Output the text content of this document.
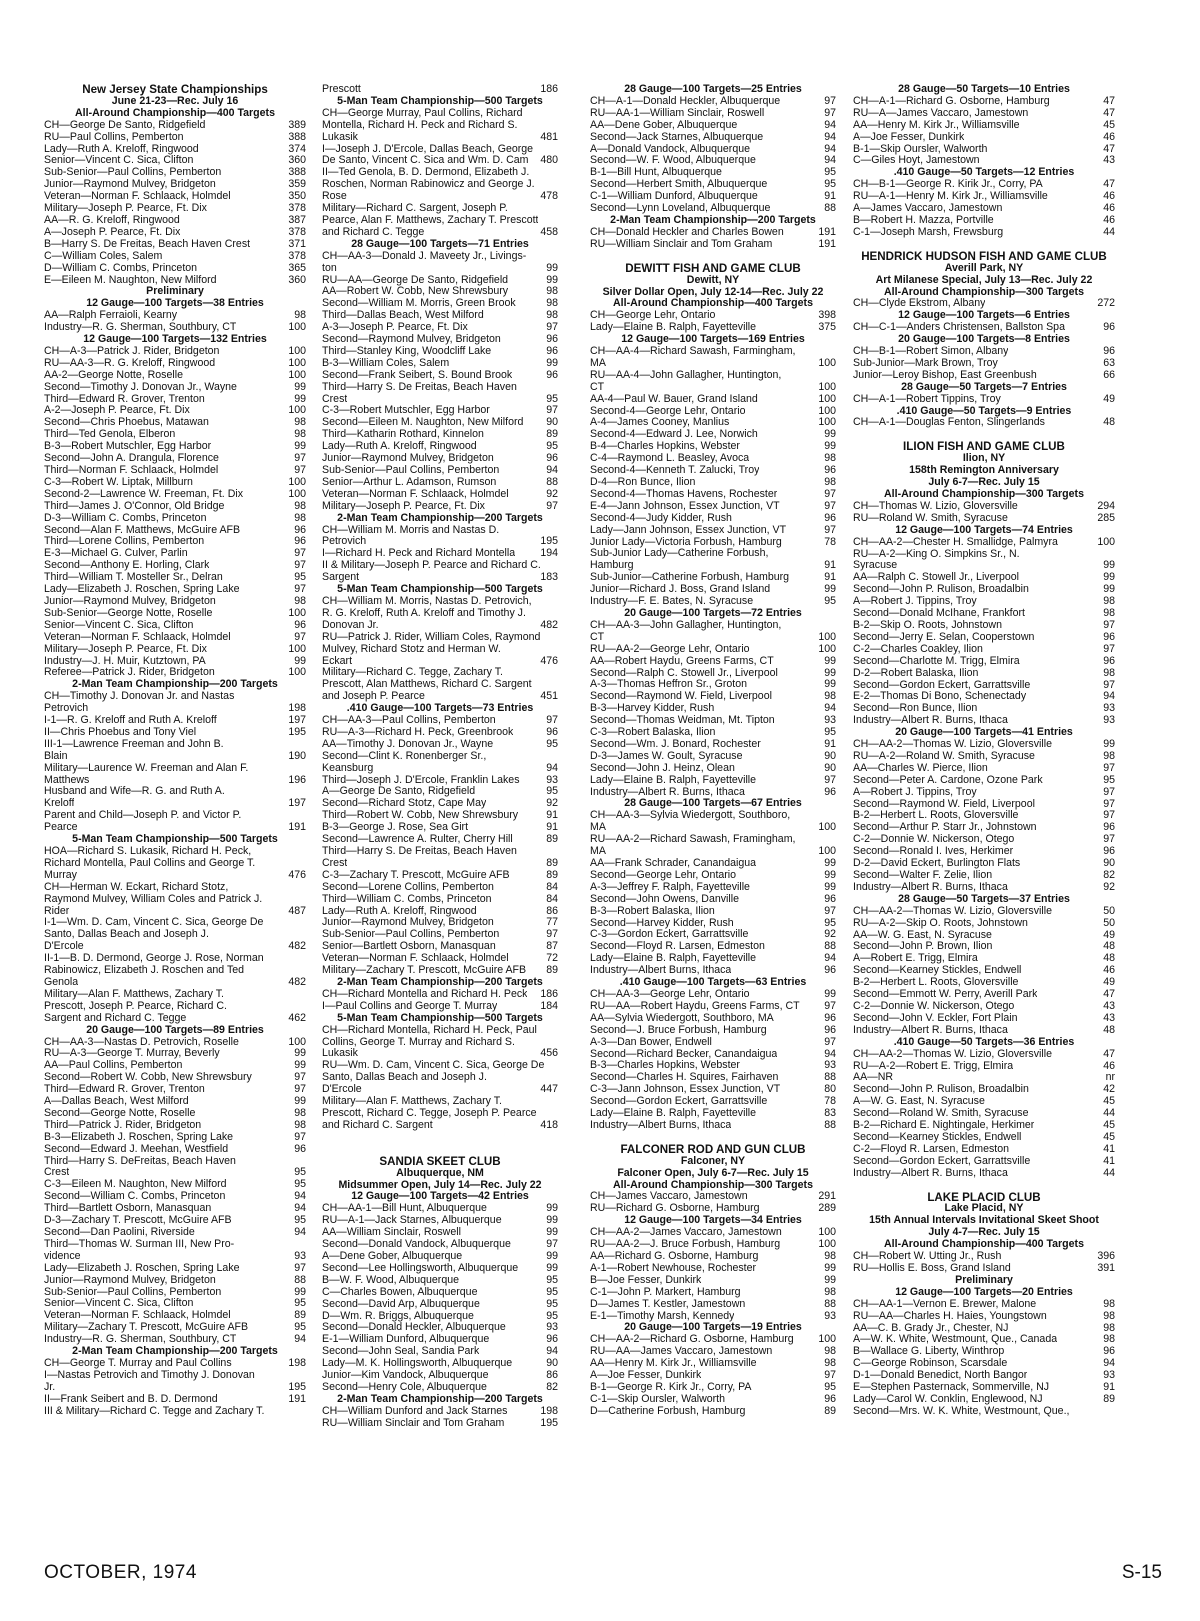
New Jersey State Championships
June 21-23—Rec. July 16
All-Around Championship—400 Targets
CH—George De Santo, Ridgefield	389
RU—Paul Collins, Pemberton	388
Lady—Ruth A. Kreloff, Ringwood	374
Senior—Vincent C. Sica, Clifton	360
Sub-Senior—Paul Collins, Pemberton	388
Junior—Raymond Mulvey, Bridgeton	359
Veteran—Norman F. Schlaack, Holmdel	350
Military—Joseph P. Pearce, Ft. Dix	378
AA—R. G. Kreloff, Ringwood	387
A—Joseph P. Pearce, Ft. Dix	378
B—Harry S. De Freitas, Beach Haven Crest	371
C—William Coles, Salem	378
D—William C. Combs, Princeton	365
E—Eileen M. Naughton, New Milford	360
Preliminary
12 Gauge—100 Targets—38 Entries
AA—Ralph Ferraioli, Kearny	98
Industry—R. G. Sherman, Southbury, CT	100
12 Gauge—100 Targets—132 Entries
CH—A-3—Patrick J. Rider, Bridgeton	100
RU—AA-3—R. G. Kreloff, Ringwood	100
AA-2—George Notte, Roselle	100
Second—Timothy J. Donovan Jr., Wayne	99
Third—Edward R. Grover, Trenton	99
A-2—Joseph P. Pearce, Ft. Dix	100
Second—Chris Phoebus, Matawan	98
Third—Ted Genola, Elberon	98
B-3—Robert Mutschler, Egg Harbor	99
Second—John A. Drangula, Florence	97
Third—Norman F. Schlaack, Holmdel	97
C-3—Robert W. Liptak, Millburn	100
Second-2—Lawrence W. Freeman, Ft. Dix	100
Third—James J. O'Connor, Old Bridge	98
D-3—William C. Combs, Princeton	98
Second—Alan F. Matthews, McGuire AFB	96
Third—Lorene Collins, Pemberton	96
E-3—Michael G. Culver, Parlin	97
Second—Anthony E. Horling, Clark	97
Third—William T. Mosteller Sr., Delran	95
Lady—Elizabeth J. Roschen, Spring Lake	97
Junior—Raymond Mulvey, Bridgeton	98
Sub-Senior—George Notte, Roselle	100
Senior—Vincent C. Sica, Clifton	96
Veteran—Norman F. Schlaack, Holmdel	97
Military—Joseph P. Pearce, Ft. Dix	100
Industry—J. H. Muir, Kutztown, PA	99
Referee—Patrick J. Rider, Bridgeton	100
2-Man Team Championship—200 Targets
CH—Timothy J. Donovan Jr. and Nastas
Petrovich	198
I-1—R. G. Kreloff and Ruth A. Kreloff	197
II—Chris Phoebus and Tony Viel	195
III-1—Lawrence Freeman and John B.
Blain	190
Military—Laurence W. Freeman and Alan F.
Matthews	196
Husband and Wife—R. G. and Ruth A.
Kreloff	197
Parent and Child—Joseph P. and Victor P.
Pearce	191
5-Man Team Championship—500 Targets
HOA—Richard S. Lukasik, Richard H. Peck,
Richard Montella, Paul Collins and George T.
Murray	476
CH—Herman W. Eckart, Richard Stotz,
Raymond Mulvey, William Coles and Patrick J.
Rider	487
I-1—Wm. D. Cam, Vincent C. Sica, George De
Santo, Dallas Beach and Joseph J.
D'Ercole	482
II-1—B. D. Dermond, George J. Rose, Norman
Rabinowicz, Elizabeth J. Roschen and Ted
Genola	482
Military—Alan F. Matthews, Zachary T.
Prescott, Joseph P. Pearce, Richard C.
Sargent and Richard C. Tegge	462
20 Gauge—100 Targets—89 Entries
CH—AA-3—Nastas D. Petrovich, Roselle	100
RU—A-3—George T. Murray, Beverly	99
AA—Paul Collins, Pemberton	99
Second—Robert W. Cobb, New Shrewsbury	97
Third—Edward R. Grover, Trenton	97
A—Dallas Beach, West Milford	99
Second—George Notte, Roselle	98
Third—Patrick J. Rider, Bridgeton	98
B-3—Elizabeth J. Roschen, Spring Lake	97
Second—Edward J. Meehan, Westfield	96
Third—Harry S. DeFreitas, Beach Haven
Crest	95
C-3—Eileen M. Naughton, New Milford	95
Second—William C. Combs, Princeton	94
Third—Bartlett Osborn, Manasquan	94
D-3—Zachary T. Prescott, McGuire AFB	95
Second—Dan Paolini, Riverside	94
Third—Thomas W. Surman III, New Pro-
vidence	93
Lady—Elizabeth J. Roschen, Spring Lake	97
Junior—Raymond Mulvey, Bridgeton	88
Sub-Senior—Paul Collins, Pemberton	99
Senior—Vincent C. Sica, Clifton	95
Veteran—Norman F. Schlaack, Holmdel	89
Military—Zachary T. Prescott, McGuire AFB	95
Industry—R. G. Sherman, Southbury, CT	94
2-Man Team Championship—200 Targets
CH—George T. Murray and Paul Collins	198
I—Nastas Petrovich and Timothy J. Donovan
Jr.	195
II—Frank Seibert and B. D. Dermond	191
III & Military—Richard C. Tegge and Zachary T.
Prescott	186
5-Man Team Championship—500 Targets
CH—George Murray, Paul Collins, Richard
Montella, Richard H. Peck and Richard S.
Lukasik	481
I—Joseph J. D'Ercole, Dallas Beach, George
De Santo, Vincent C. Sica and Wm. D. Cam	480
II—Ted Genola, B. D. Dermond, Elizabeth J.
Roschen, Norman Rabinowicz and George J.
Rose	478
Military—Richard C. Sargent, Joseph P.
Pearce, Alan F. Matthews, Zachary T. Prescott
and Richard C. Tegge	458
28 Gauge—100 Targets—71 Entries
CH—AA-3—Donald J. Maveety Jr., Livings-
ton	99
RU—AA—George De Santo, Ridgefield	99
AA—Robert W. Cobb, New Shrewsbury	98
Second—William M. Morris, Green Brook	98
Third—Dallas Beach, West Milford	98
A-3—Joseph P. Pearce, Ft. Dix	97
Second—Raymond Mulvey, Bridgeton	96
Third—Stanley King, Woodcliff Lake	96
B-3—William Coles, Salem	99
Second—Frank Seibert, S. Bound Brook	96
Third—Harry S. De Freitas, Beach Haven
Crest	95
C-3—Robert Mutschler, Egg Harbor	97
Second—Eileen M. Naughton, New Milford	90
Third—Katharin Rothard, Kinnelon	89
Lady—Ruth A. Kreloff, Ringwood	95
Junior—Raymond Mulvey, Bridgeton	96
Sub-Senior—Paul Collins, Pemberton	94
Senior—Arthur L. Adamson, Rumson	88
Veteran—Norman F. Schlaack, Holmdel	92
Military—Joseph P. Pearce, Ft. Dix	97
2-Man Team Championship—200 Targets
CH—William M. Morris and Nastas D.
Petrovich	195
I—Richard H. Peck and Richard Montella	194
II & Military—Joseph P. Pearce and Richard C.
Sargent	183
5-Man Team Championship—500 Targets
CH—William M. Morris, Nastas D. Petrovich,
R. G. Kreloff, Ruth A. Kreloff and Timothy J.
Donovan Jr.	482
RU—Patrick J. Rider, William Coles, Raymond
Mulvey, Richard Stotz and Herman W.
Eckart	476
Military—Richard C. Tegge, Zachary T.
Prescott, Alan Matthews, Richard C. Sargent
and Joseph P. Pearce	451
.410 Gauge—100 Targets—73 Entries
CH—AA-3—Paul Collins, Pemberton	97
RU—A-3—Richard H. Peck, Greenbrook	96
AA—Timothy J. Donovan Jr., Wayne	95
Second—Clint K. Ronenberger Sr.,
Keansburg	94
Third—Joseph J. D'Ercole, Franklin Lakes	93
A—George De Santo, Ridgefield	95
Second—Richard Stotz, Cape May	92
Third—Robert W. Cobb, New Shrewsbury	91
B-3—George J. Rose, Sea Girt	91
Second—Lawrence A. Rulter, Cherry Hill	89
Third—Harry S. De Freitas, Beach Haven
Crest	89
C-3—Zachary T. Prescott, McGuire AFB	89
Second—Lorene Collins, Pemberton	84
Third—William C. Combs, Princeton	84
Lady—Ruth A. Kreloff, Ringwood	86
Junior—Raymond Mulvey, Bridgeton	77
Sub-Senior—Paul Collins, Pemberton	97
Senior—Bartlett Osborn, Manasquan	87
Veteran—Norman F. Schlaack, Holmdel	72
Military—Zachary T. Prescott, McGuire AFB	89
2-Man Team Championship—200 Targets
CH—Richard Montella and Richard H. Peck	186
I—Paul Collins and George T. Murray	184
5-Man Team Championship—500 Targets
CH—Richard Montella, Richard H. Peck, Paul
Collins, George T. Murray and Richard S.
Lukasik	456
RU—Wm. D. Cam, Vincent C. Sica, George De
Santo, Dallas Beach and Joseph J.
D'Ercole	447
Military—Alan F. Matthews, Zachary T.
Prescott, Richard C. Tegge, Joseph P. Pearce
and Richard C. Sargent	418
SANDIA SKEET CLUB
Albuquerque, NM
Midsummer Open, July 14—Rec. July 22
12 Gauge—100 Targets—42 Entries
CH—AA-1—Bill Hunt, Albuquerque	99
RU—A-1—Jack Starnes, Albuquerque	99
AA—William Sinclair, Roswell	99
Second—Donald Vandock, Albuquerque	97
A—Dene Gober, Albuquerque	99
Second—Lee Hollingsworth, Albuquerque	99
B—W. F. Wood, Albuquerque	95
C—Charles Bowen, Albuquerque	95
Second—David Arp, Albuquerque	95
D—Wm. R. Briggs, Albuquerque	95
Second—Donald Heckler, Albuquerque	93
E-1—William Dunford, Albuquerque	96
Second—John Seal, Sandia Park	94
Lady—M. K. Hollingsworth, Albuquerque	90
Junior—Kim Vandock, Albuquerque	86
Second—Henry Cole, Albuquerque	82
2-Man Team Championship—200 Targets
CH—William Dunford and Jack Starnes	198
RU—William Sinclair and Tom Graham	195
28 Gauge—100 Targets—25 Entries
CH—A-1—Donald Heckler, Albuquerque	97
RU—AA-1—William Sinclair, Roswell	97
AA—Dene Gober, Albuquerque	94
Second—Jack Starnes, Albuquerque	94
A—Donald Vandock, Albuquerque	94
Second—W. F. Wood, Albuquerque	94
B-1—Bill Hunt, Albuquerque	95
Second—Herbert Smith, Albuquerque	95
C-1—William Dunford, Albuquerque	91
Second—Lynn Loveland, Albuquerque	88
2-Man Team Championship—200 Targets
CH—Donald Heckler and Charles Bowen	191
RU—William Sinclair and Tom Graham	191
DEWITT FISH AND GAME CLUB
Dewitt, NY
Silver Dollar Open, July 12-14—Rec. July 22
All-Around Championship—400 Targets
CH—George Lehr, Ontario	398
Lady—Elaine B. Ralph, Fayetteville	375
12 Gauge—100 Targets—169 Entries
CH—AA-4—Richard Sawash, Farmingham,
MA	100
RU—AA-4—John Gallagher, Huntington,
CT	100
AA-4—Paul W. Bauer, Grand Island	100
Second-4—George Lehr, Ontario	100
A-4—James Cooney, Manlius	100
Second-4—Edward J. Lee, Norwich	99
B-4—Charles Hopkins, Webster	99
C-4—Raymond L. Beasley, Avoca	98
Second-4—Kenneth T. Zalucki, Troy	96
D-4—Ron Bunce, Ilion	98
Second-4—Thomas Havens, Rochester	97
E-4—Jann Johnson, Essex Junction, VT	97
Second-4—Judy Kidder, Rush	96
Lady—Jann Johnson, Essex Junction, VT	97
Junior Lady—Victoria Forbush, Hamburg	78
Sub-Junior Lady—Catherine Forbush,
Hamburg	91
Sub-Junior—Catherine Forbush, Hamburg	91
Junior—Richard J. Boss, Grand Island	99
Industry—F. E. Bates, N. Syracuse	95
20 Gauge—100 Targets—72 Entries
CH—AA-3—John Gallagher, Huntington,
CT	100
RU—AA-2—George Lehr, Ontario	100
AA—Robert Haydu, Greens Farms, CT	99
Second—Ralph C. Stowell Jr., Liverpool	99
A-3—Thomas Heffron Sr., Groton	99
Second—Raymond W. Field, Liverpool	98
B-3—Harvey Kidder, Rush	94
Second—Thomas Weidman, Mt. Tipton	93
C-3—Robert Balaska, Ilion	95
Second—Wm. J. Bonard, Rochester	91
D-3—James W. Goult, Syracuse	90
Second—John J. Heinz, Olean	90
Lady—Elaine B. Ralph, Fayetteville	97
Industry—Albert R. Burns, Ithaca	96
28 Gauge—100 Targets—67 Entries
CH—AA-3—Sylvia Wiedergott, Southboro,
MA	100
RU—AA-2—Richard Sawash, Framingham,
MA	100
AA—Frank Schrader, Canandaigua	99
Second—George Lehr, Ontario	99
A-3—Jeffrey F. Ralph, Fayetteville	99
Second—John Owens, Danville	96
B-3—Robert Balaska, Ilion	97
Second—Harvey Kidder, Rush	95
C-3—Gordon Eckert, Garrattsville	92
Second—Floyd R. Larsen, Edmeston	88
Lady—Elaine B. Ralph, Fayetteville	94
Industry—Albert Burns, Ithaca	96
.410 Gauge—100 Targets—63 Entries
CH—AA-3—George Lehr, Ontario	99
RU—AA—Robert Haydu, Greens Farms, CT	97
AA—Sylvia Wiedergott, Southboro, MA	96
Second—J. Bruce Forbush, Hamburg	96
A-3—Dan Bower, Endwell	97
Second—Richard Becker, Canandaigua	94
B-3—Charles Hopkins, Webster	93
Second—Charles H. Squires, Fairhaven	88
C-3—Jann Johnson, Essex Junction, VT	80
Second—Gordon Eckert, Garrattsville	78
Lady—Elaine B. Ralph, Fayetteville	83
Industry—Albert Burns, Ithaca	88
FALCONER ROD AND GUN CLUB
Falconer, NY
Falconer Open, July 6-7—Rec. July 15
All-Around Championship—300 Targets
CH—James Vaccaro, Jamestown	291
RU—Richard G. Osborne, Hamburg	289
12 Gauge—100 Targets—34 Entries
CH—AA-2—James Vaccaro, Jamestown	100
RU—AA-2—J. Bruce Forbush, Hamburg	100
AA—Richard G. Osborne, Hamburg	98
A-1—Robert Newhouse, Rochester	99
B—Joe Fesser, Dunkirk	99
C-1—John P. Markert, Hamburg	98
D—James T. Kestler, Jamestown	88
E-1—Timothy Marsh, Kennedy	93
20 Gauge—100 Targets—19 Entries
CH—AA-2—Richard G. Osborne, Hamburg	100
RU—AA—James Vaccaro, Jamestown	98
AA—Henry M. Kirk Jr., Williamsville	98
A—Joe Fesser, Dunkirk	97
B-1—George R. Kirk Jr., Corry, PA	95
C-1—Skip Oursler, Walworth	96
D—Catherine Forbush, Hamburg	89
28 Gauge—50 Targets—10 Entries
CH—A-1—Richard G. Osborne, Hamburg	47
RU—A—James Vaccaro, Jamestown	47
AA—Henry M. Kirk Jr., Williamsville	45
A—Joe Fesser, Dunkirk	46
B-1—Skip Oursler, Walworth	47
C—Giles Hoyt, Jamestown	43
.410 Gauge—50 Targets—12 Entries
CH—B-1—George R. Kirik Jr., Corry, PA	47
RU—A-1—Henry M. Kirk Jr., Williamsville	46
A—James Vaccaro, Jamestown	46
B—Robert H. Mazza, Portville	46
C-1—Joseph Marsh, Frewsburg	44
HENDRICK HUDSON FISH AND GAME CLUB
Averill Park, NY
Art Milanese Special, July 13—Rec. July 22
All-Around Championship—300 Targets
CH—Clyde Ekstrom, Albany	272
12 Gauge—100 Targets—6 Entries
CH—C-1—Anders Christensen, Ballston Spa	96
20 Gauge—100 Targets—8 Entries
CH—B-1—Robert Simon, Albany	96
Sub-Junior—Mark Brown, Troy	63
Junior—Leroy Bishop, East Greenbush	66
28 Gauge—50 Targets—7 Entries
CH—A-1—Robert Tippins, Troy	49
.410 Gauge—50 Targets—9 Entries
CH—A-1—Douglas Fenton, Slingerlands	48
ILION FISH AND GAME CLUB
Ilion, NY
158th Remington Anniversary
July 6-7—Rec. July 15
All-Around Championship—300 Targets
CH—Thomas W. Lizio, Gloversville	294
RU—Roland W. Smith, Syracuse	285
12 Gauge—100 Targets—74 Entries
CH—AA-2—Chester H. Smallidge, Palmyra	100
RU—A-2—King O. Simpkins Sr., N.
Syracuse	99
AA—Ralph C. Stowell Jr., Liverpool	99
Second—John P. Rulison, Broadalbin	99
A—Robert J. Tippins, Troy	98
Second—Donald McIhane, Frankfort	98
B-2—Skip O. Roots, Johnstown	97
Second—Jerry E. Selan, Cooperstown	96
C-2—Charles Coakley, Ilion	97
Second—Charlotte M. Trigg, Elmira	96
D-2—Robert Balaska, Ilion	98
Second—Gordon Eckert, Garrattsville	97
E-2—Thomas Di Bono, Schenectady	94
Second—Ron Bunce, Ilion	93
Industry—Albert R. Burns, Ithaca	93
20 Gauge—100 Targets—41 Entries
CH—AA-2—Thomas W. Lizio, Gloversville	99
RU—A-2—Roland W. Smith, Syracuse	98
AA—Charles W. Pierce, Ilion	97
Second—Peter A. Cardone, Ozone Park	95
A—Robert J. Tippins, Troy	97
Second—Raymond W. Field, Liverpool	97
B-2—Herbert L. Roots, Gloversville	97
Second—Arthur P. Starr Jr., Johnstown	96
C-2—Donnie W. Nickerson, Otego	97
Second—Ronald I. Ives, Herkimer	96
D-2—David Eckert, Burlington Flats	90
Second—Walter F. Zelie, Ilion	82
Industry—Albert R. Burns, Ithaca	92
28 Gauge—50 Targets—37 Entries
CH—AA-2—Thomas W. Lizio, Gloversville	50
RU—A-2—Skip O. Roots, Johnstown	50
AA—W. G. East, N. Syracuse	49
Second—John P. Brown, Ilion	48
A—Robert E. Trigg, Elmira	48
Second—Kearney Stickles, Endwell	46
B-2—Herbert L. Roots, Gloversville	49
Second—Emmott W. Perry, Averill Park	47
C-2—Donnie W. Nickerson, Otego	43
Second—John V. Eckler, Fort Plain	43
Industry—Albert R. Burns, Ithaca	48
.410 Gauge—50 Targets—36 Entries
CH—AA-2—Thomas W. Lizio, Gloversville	47
RU—A-2—Robert E. Trigg, Elmira	46
AA—NR	nr
Second—John P. Rulison, Broadalbin	42
A—W. G. East, N. Syracuse	45
Second—Roland W. Smith, Syracuse	44
B-2—Richard E. Nightingale, Herkimer	45
Second—Kearney Stickles, Endwell	45
C-2—Floyd R. Larsen, Edmeston	41
Second—Gordon Eckert, Garrattsville	41
Industry—Albert R. Burns, Ithaca	44
LAKE PLACID CLUB
Lake Placid, NY
15th Annual Intervals Invitational Skeet Shoot
July 4-7—Rec. July 15
All-Around Championship—400 Targets
CH—Robert W. Utting Jr., Rush	396
RU—Hollis E. Boss, Grand Island	391
Preliminary
12 Gauge—100 Targets—20 Entries
CH—AA-1—Vernon E. Brewer, Malone	98
RU—AA—Charles H. Haies, Youngstown	98
AA—C. B. Grady Jr., Chester, NJ	98
A—W. K. White, Westmount, Que., Canada	98
B—Wallace G. Liberty, Winthrop	96
C—George Robinson, Scarsdale	94
D-1—Donald Benedict, North Bangor	93
E—Stephen Pasternack, Sommerville, NJ	91
Lady—Carol W. Conklin, Englewood, NJ	89
Second—Mrs. W. K. White, Westmount, Que.,
OCTOBER, 1974	S-15
